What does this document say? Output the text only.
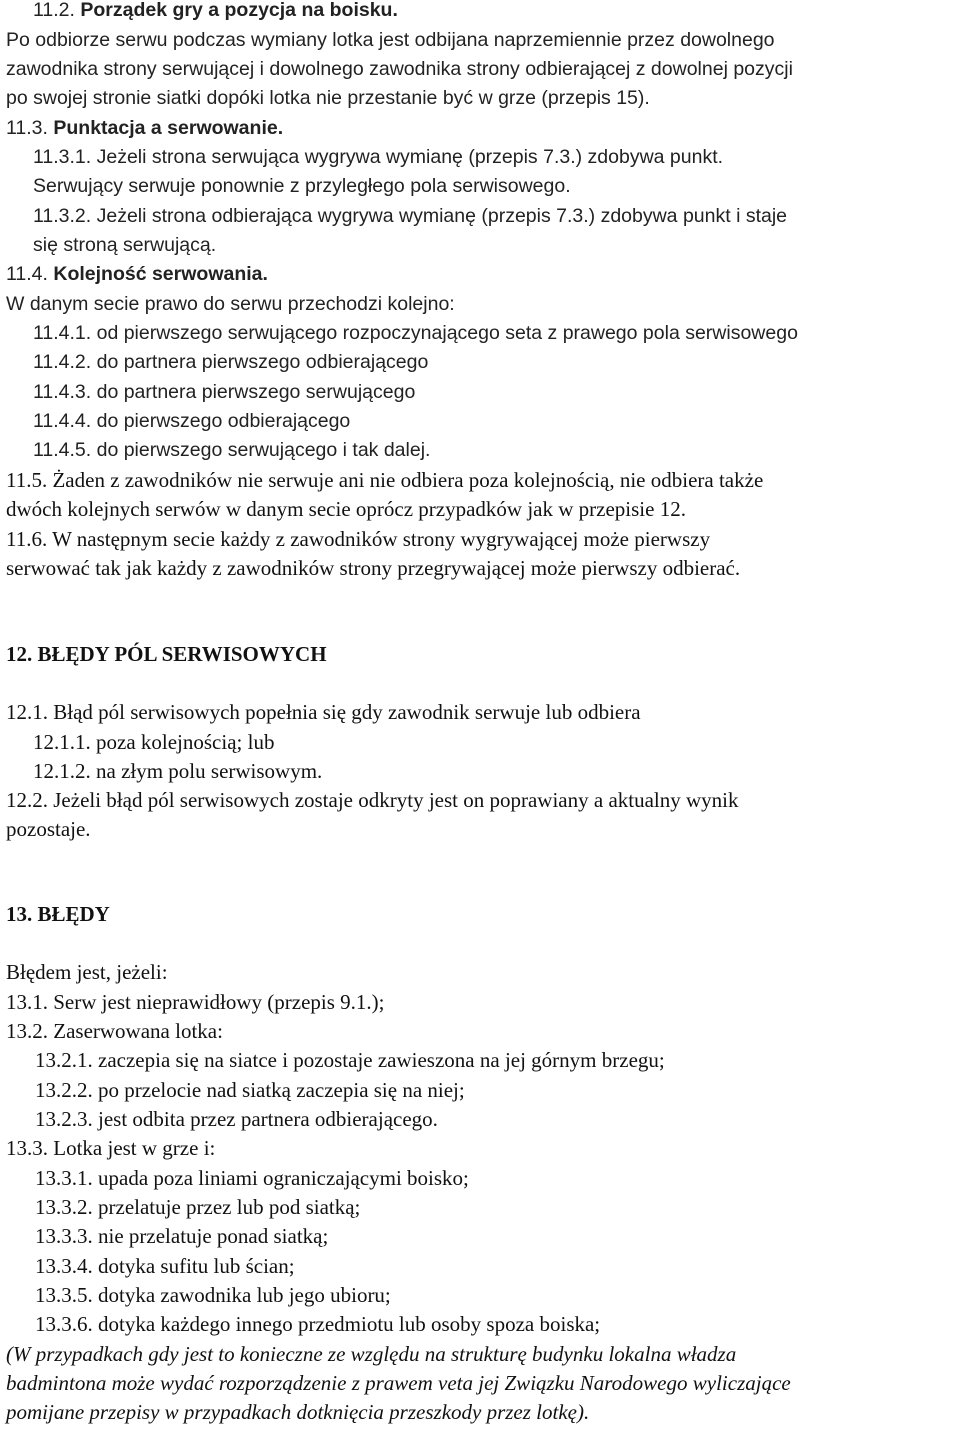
11.2. Porządek gry a pozycja na boisku.
Po odbiorze serwu podczas wymiany lotka jest odbijana naprzemiennie przez dowolnego
zawodnika strony serwującej i dowolnego zawodnika strony odbierającej z dowolnej pozycji
po swojej stronie siatki dopóki lotka nie przestanie być w grze (przepis 15).
11.3. Punktacja a serwowanie.
11.3.1. Jeżeli strona serwująca wygrywa wymianę (przepis 7.3.) zdobywa punkt.
Serwujący serwuje ponownie z przyległego pola serwisowego.
11.3.2. Jeżeli strona odbierająca wygrywa wymianę (przepis 7.3.) zdobywa punkt i staje
się stroną serwującą.
11.4. Kolejność serwowania.
W danym secie prawo do serwu przechodzi kolejno:
11.4.1. od pierwszego serwującego rozpoczynającego seta z prawego pola serwisowego
11.4.2. do partnera pierwszego odbierającego
11.4.3. do partnera pierwszego serwującego
11.4.4. do pierwszego odbierającego
11.4.5. do pierwszego serwującego i tak dalej.
11.5. Żaden z zawodników nie serwuje ani nie odbiera poza kolejnością, nie odbiera także
dwóch kolejnych serwów w danym secie oprócz przypadków jak w przepisie 12.
11.6. W następnym secie każdy z zawodników strony wygrywającej może pierwszy
serwować tak jak każdy z zawodników strony przegrywającej może pierwszy odbierać.
12. BŁĘDY PÓL SERWISOWYCH
12.1. Błąd pól serwisowych popełnia się gdy zawodnik serwuje lub odbiera
12.1.1. poza kolejnością; lub
12.1.2. na złym polu serwisowym.
12.2. Jeżeli błąd pól serwisowych zostaje odkryty jest on poprawiany a aktualny wynik
pozostaje.
13. BŁĘDY
Błędem jest, jeżeli:
13.1. Serw jest nieprawidłowy (przepis 9.1.);
13.2. Zaserwowana lotka:
13.2.1. zaczepia się na siatce i pozostaje zawieszona na jej górnym brzegu;
13.2.2. po przelocie nad siatką zaczepia się na niej;
13.2.3. jest odbita przez partnera odbierającego.
13.3. Lotka jest w grze i:
13.3.1. upada poza liniami ograniczającymi boisko;
13.3.2. przelatuje przez lub pod siatką;
13.3.3. nie przelatuje ponad siatką;
13.3.4. dotyka sufitu lub ścian;
13.3.5. dotyka zawodnika lub jego ubioru;
13.3.6. dotyka każdego innego przedmiotu lub osoby spoza boiska;
(W przypadkach gdy jest to konieczne ze względu na strukturę budynku lokalna władza
badmintona może wydać rozporządzenie z prawem veta jej Związku Narodowego wyliczające
pomijane przepisy w przypadkach dotknięcia przeszkody przez lotkę).
